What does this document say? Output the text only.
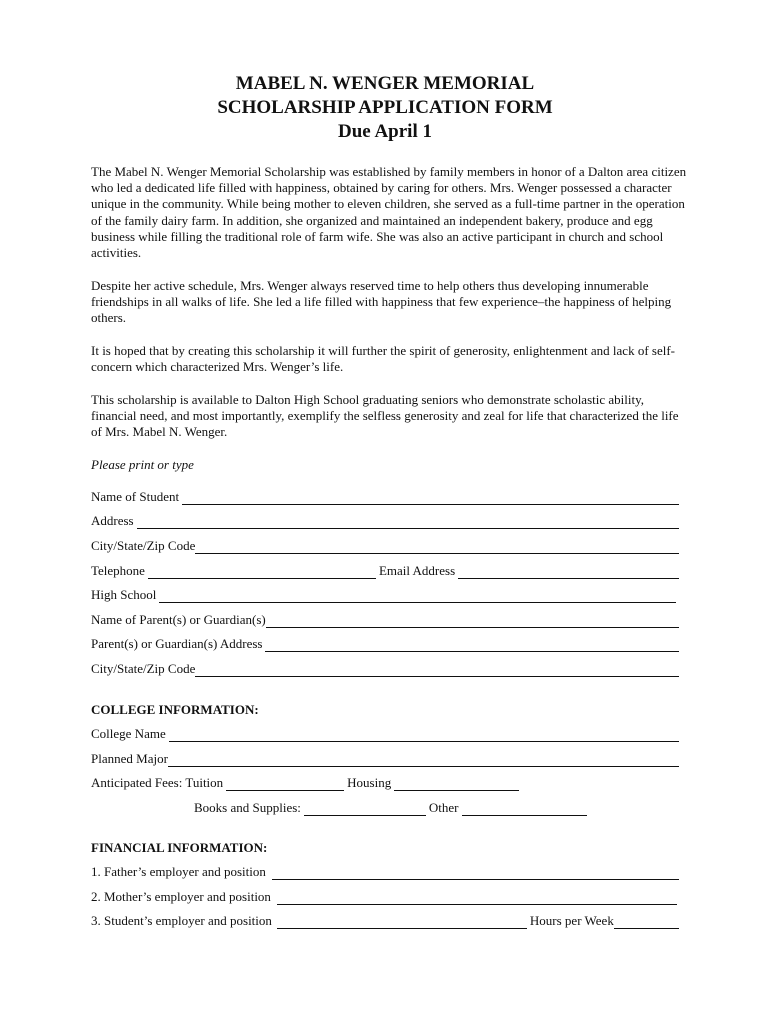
MABEL N. WENGER MEMORIAL

SCHOLARSHIP APPLICATION FORM

Due April 1

The Mabel N. Wenger Memorial Scholarship was established by family members in honor of a Dalton area citizen who led a dedicated life filled with happiness, obtained by caring for others. Mrs. Wenger possessed a character unique in the community. While being mother to eleven children, she served as a full-time partner in the operation of the family dairy farm. In addition, she organized and maintained an independent bakery, produce and egg business while filling the traditional role of farm wife. She was also an active participant in church and school activities.

Despite her active schedule, Mrs. Wenger always reserved time to help others thus developing innumerable friendships in all walks of life. She led a life filled with happiness that few experience–the happiness of helping others.

It is hoped that by creating this scholarship it will further the spirit of generosity, enlightenment and lack of self-concern which characterized Mrs. Wenger’s life.

This scholarship is available to Dalton High School graduating seniors who demonstrate scholastic ability, financial need, and most importantly, exemplify the selfless generosity and zeal for life that characterized the life of Mrs. Mabel N. Wenger.

Please print or type
Name of Student
Address
City/State/Zip Code
Telephone	Email Address
High School
Name of Parent(s) or Guardian(s)
Parent(s) or Guardian(s) Address
City/State/Zip Code
COLLEGE INFORMATION:
College Name
Planned Major
Anticipated Fees: Tuition	Housing
Books and Supplies:	Other
FINANCIAL INFORMATION:
1. Father’s employer and position
2. Mother’s employer and position
3. Student’s employer and position	Hours per Week
